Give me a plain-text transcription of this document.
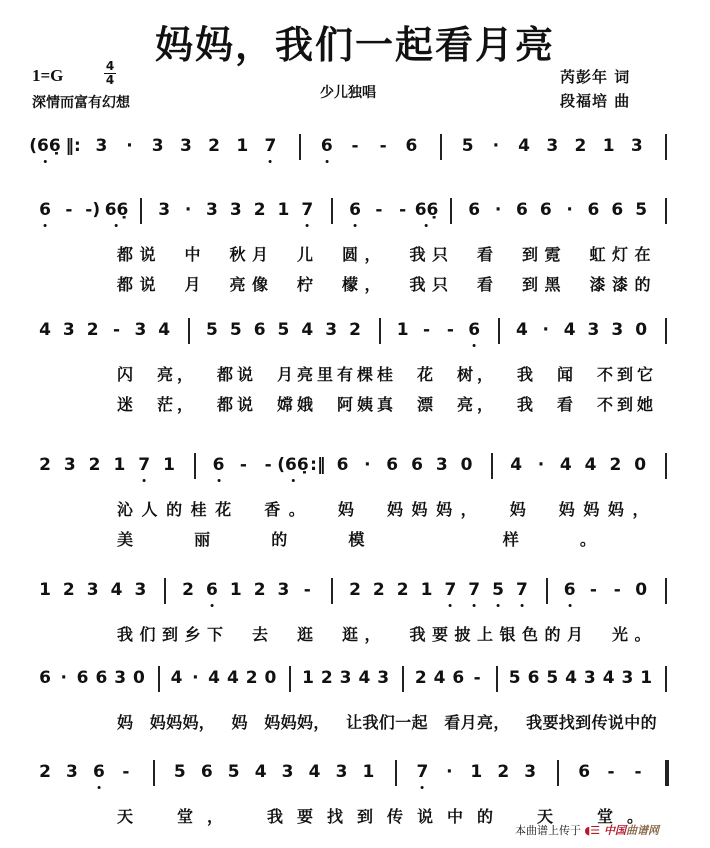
妈妈，我们一起看月亮
1=G	4
4
深情而富有幻想
少儿独唱
芮彭年 词
段福培 曲
(66̣ ‖: 3 · 3 3 2 1 7	6 - - 6	5 · 4 3 2 1 3
6 - -) 66̣ 3 · 3 3 2 1 7 6 - - 66̣ 6 · 6 6 · 6 6 5
都 说 中 秋 月 儿 圆 ， 我 只 看 到 霓 虹 灯 在
都 说 月 亮 像 柠 檬 ， 我 只 看 到 黑 漆 漆 的
4 3 2 - 3 4 5 5 6 5 4 3 2 1 - - 6 4 · 4 3 3 0
闪 亮 ， 都 说 月 亮 里 有 棵 桂 花 树 ， 我 闻 不 到 它
迷 茫 ， 都 说 嫦 娥 阿 姨 真 漂 亮 ， 我 看 不 到 她
2 3 2 1 7 1 6 - - (66̣ :‖ 6 · 6 6 3 0 4 · 4 4 2 0
沁 人 的 桂 花 香 。 妈 妈 妈 妈 ， 妈 妈 妈 妈 ，
美	丽	的	模	样	。
1 2 3 4 3 2 6 1 2 3 - 2 2 2 1 7 7 5 7 6 - - 0
我 们 到 乡 下 去 逛 逛 ， 我 要 披 上 银 色 的 月 光 。
6 · 6 6 3 0 4 · 4 4 2 0 1 2 3 4 3 2 4 6 - 5 6 5 4 3 4 3 1
妈 妈 妈 妈 ， 妈 妈 妈 妈 ， 让 我 们 一 起 看 月 亮 ， 我 要 找 到 传 说 中 的
2 3 6 -	5 6 5 4 3 4 3 1 7 · 1 2 3 6 - -
天	堂 ，	我 要 找 到 传 说 中 的	天	堂 。
本曲谱上传于 ◖☰ 中国曲谱网
